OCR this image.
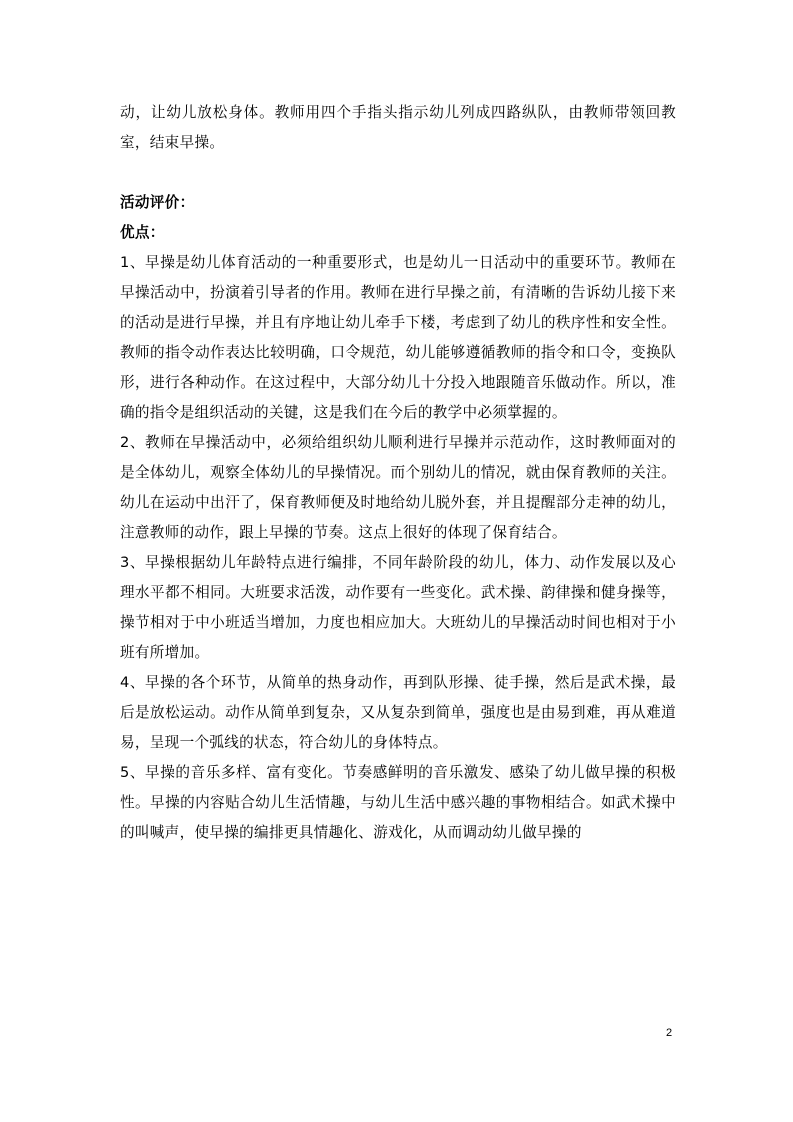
动，让幼儿放松身体。教师用四个手指头指示幼儿列成四路纵队，由教师带领回教室，结束早操。

活动评价：

优点：

1、早操是幼儿体育活动的一种重要形式，也是幼儿一日活动中的重要环节。教师在早操活动中，扮演着引导者的作用。教师在进行早操之前，有清晰的告诉幼儿接下来的活动是进行早操，并且有序地让幼儿牵手下楼，考虑到了幼儿的秩序性和安全性。教师的指令动作表达比较明确，口令规范，幼儿能够遵循教师的指令和口令，变换队形，进行各种动作。在这过程中，大部分幼儿十分投入地跟随音乐做动作。所以，准确的指令是组织活动的关键，这是我们在今后的教学中必须掌握的。

2、教师在早操活动中，必须给组织幼儿顺利进行早操并示范动作，这时教师面对的是全体幼儿，观察全体幼儿的早操情况。而个别幼儿的情况，就由保育教师的关注。幼儿在运动中出汗了，保育教师便及时地给幼儿脱外套，并且提醒部分走神的幼儿，注意教师的动作，跟上早操的节奏。这点上很好的体现了保育结合。

3、早操根据幼儿年龄特点进行编排，不同年龄阶段的幼儿，体力、动作发展以及心理水平都不相同。大班要求活泼，动作要有一些变化。武术操、韵律操和健身操等，操节相对于中小班适当增加，力度也相应加大。大班幼儿的早操活动时间也相对于小班有所增加。

4、早操的各个环节，从简单的热身动作，再到队形操、徒手操，然后是武术操，最后是放松运动。动作从简单到复杂，又从复杂到简单，强度也是由易到难，再从难道易，呈现一个弧线的状态，符合幼儿的身体特点。

5、早操的音乐多样、富有变化。节奏感鲜明的音乐激发、感染了幼儿做早操的积极性。早操的内容贴合幼儿生活情趣，与幼儿生活中感兴趣的事物相结合。如武术操中的叫喊声，使早操的编排更具情趣化、游戏化，从而调动幼儿做早操的

2
